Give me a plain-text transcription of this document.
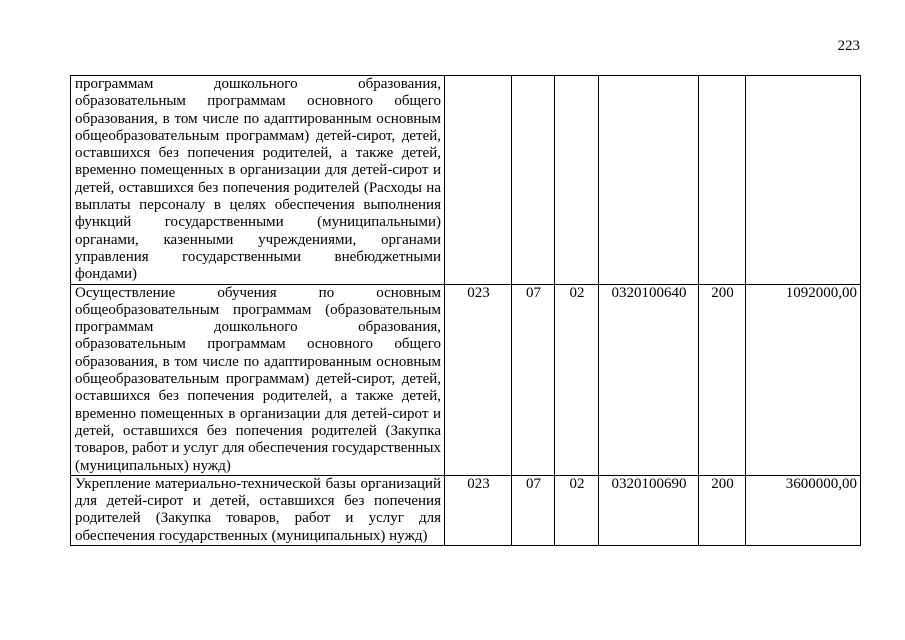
223
программам дошкольного образования, образовательным программам основного общего образования, в том числе по адаптированным основным общеобразовательным программам) детей-сирот, детей, оставшихся без попечения родителей, а также детей, временно помещенных в организации для детей-сирот и детей, оставшихся без попечения родителей (Расходы на выплаты персоналу в целях обеспечения выполнения функций государственными (муниципальными) органами, казенными учреждениями, органами управления государственными внебюджетными фондами)						
Осуществление обучения по основным общеобразовательным программам (образовательным программам дошкольного образования, образовательным программам основного общего образования, в том числе по адаптированным основным общеобразовательным программам) детей-сирот, детей, оставшихся без попечения родителей, а также детей, временно помещенных в организации для детей-сирот и детей, оставшихся без попечения родителей (Закупка товаров, работ и услуг для обеспечения государственных (муниципальных) нужд)	023	07	02	0320100640	200	1092000,00
Укрепление материально-технической базы организаций для детей-сирот и детей, оставшихся без попечения родителей (Закупка товаров, работ и услуг для обеспечения государственных (муниципальных) нужд)	023	07	02	0320100690	200	3600000,00
